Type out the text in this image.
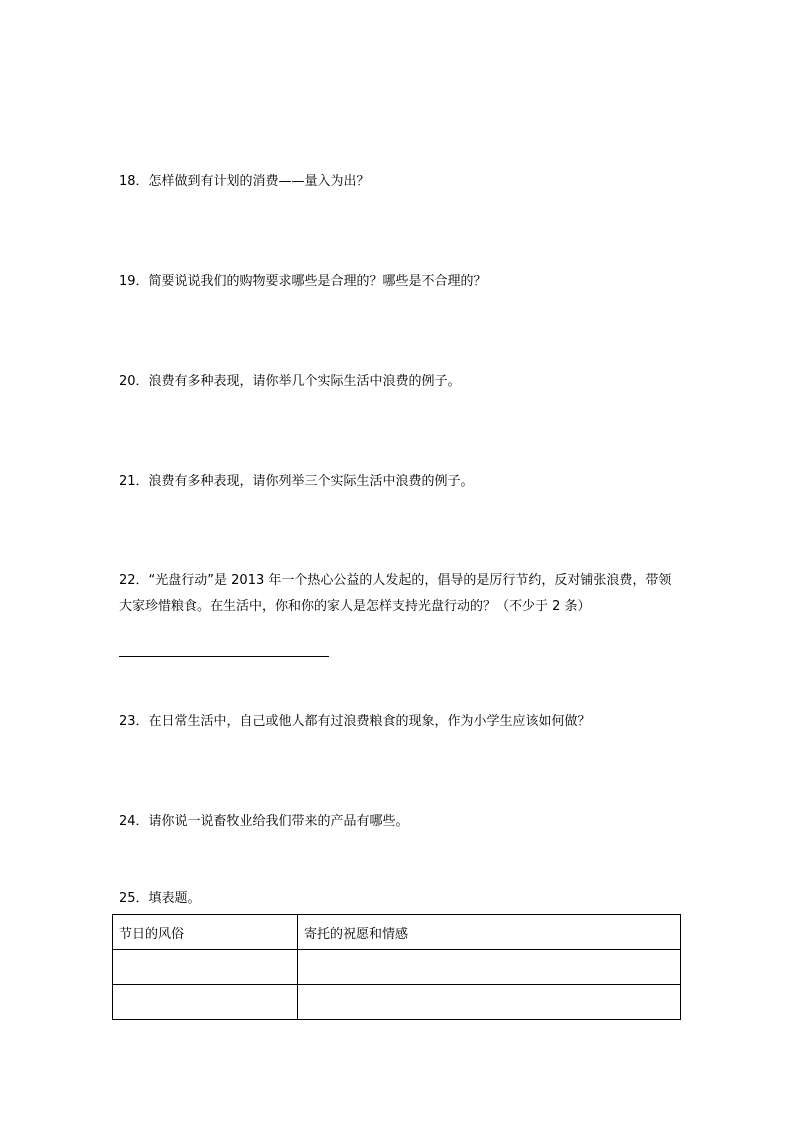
18．怎样做到有计划的消费——量入为出？
19．简要说说我们的购物要求哪些是合理的？哪些是不合理的？
20．浪费有多种表现，请你举几个实际生活中浪费的例子。
21．浪费有多种表现，请你列举三个实际生活中浪费的例子。
22．“光盘行动”是 2013 年一个热心公益的人发起的，倡导的是厉行节约，反对铺张浪费，带领大家珍惜粮食。在生活中，你和你的家人是怎样支持光盘行动的？（不少于 2 条）
23．在日常生活中，自己或他人都有过浪费粮食的现象，作为小学生应该如何做？
24．请你说一说畜牧业给我们带来的产品有哪些。
25．填表题。
节日的风俗	寄托的祝愿和情感
